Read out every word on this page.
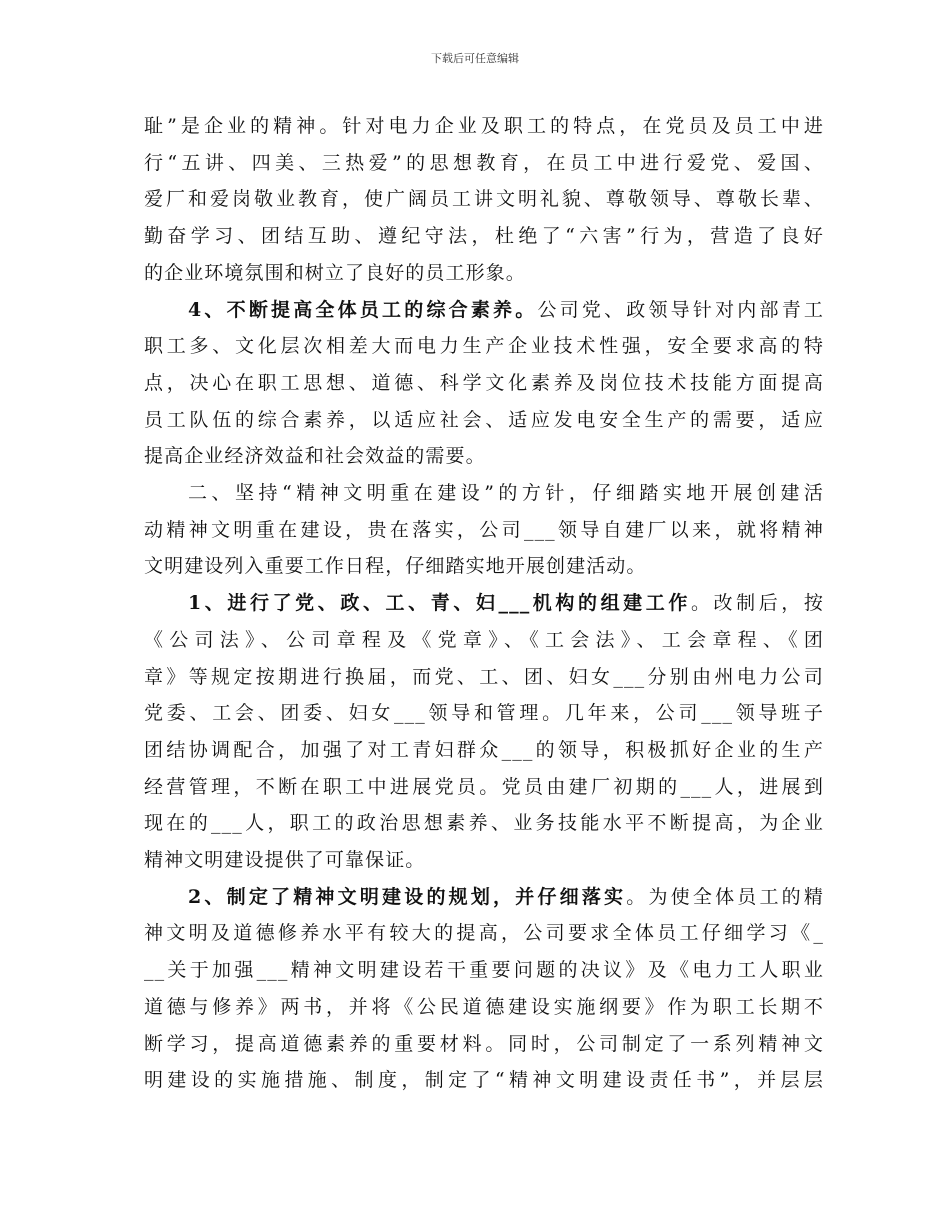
下载后可任意编辑

耻”是企业的精神。针对电力企业及职工的特点，在党员及员工中进
行“五讲、四美、三热爱”的思想教育，在员工中进行爱党、爱国、
爱厂和爱岗敬业教育，使广阔员工讲文明礼貌、尊敬领导、尊敬长辈、
勤奋学习、团结互助、遵纪守法，杜绝了“六害”行为，营造了良好
的企业环境氛围和树立了良好的员工形象。

4、不断提高全体员工的综合素养。公司党、政领导针对内部青工
职工多、文化层次相差大而电力生产企业技术性强，安全要求高的特
点，决心在职工思想、道德、科学文化素养及岗位技术技能方面提高
员工队伍的综合素养，以适应社会、适应发电安全生产的需要，适应
提高企业经济效益和社会效益的需要。

二、坚持“精神文明重在建设”的方针，仔细踏实地开展创建活
动精神文明重在建设，贵在落实，公司___领导自建厂以来，就将精神
文明建设列入重要工作日程，仔细踏实地开展创建活动。

1、进行了党、政、工、青、妇___机构的组建工作。改制后，按
《公司法》、公司章程及《党章》、《工会法》、工会章程、《团
章》等规定按期进行换届，而党、工、团、妇女___分别由州电力公司
党委、工会、团委、妇女___领导和管理。几年来，公司___领导班子
团结协调配合，加强了对工青妇群众___的领导，积极抓好企业的生产
经营管理，不断在职工中进展党员。党员由建厂初期的___人，进展到
现在的___人，职工的政治思想素养、业务技能水平不断提高，为企业
精神文明建设提供了可靠保证。

2、制定了精神文明建设的规划，并仔细落实。为使全体员工的精
神文明及道德修养水平有较大的提高，公司要求全体员工仔细学习《_
__关于加强___精神文明建设若干重要问题的决议》及《电力工人职业
道德与修养》两书，并将《公民道德建设实施纲要》作为职工长期不
断学习，提高道德素养的重要材料。同时，公司制定了一系列精神文
明建设的实施措施、制度，制定了“精神文明建设责任书”，并层层
